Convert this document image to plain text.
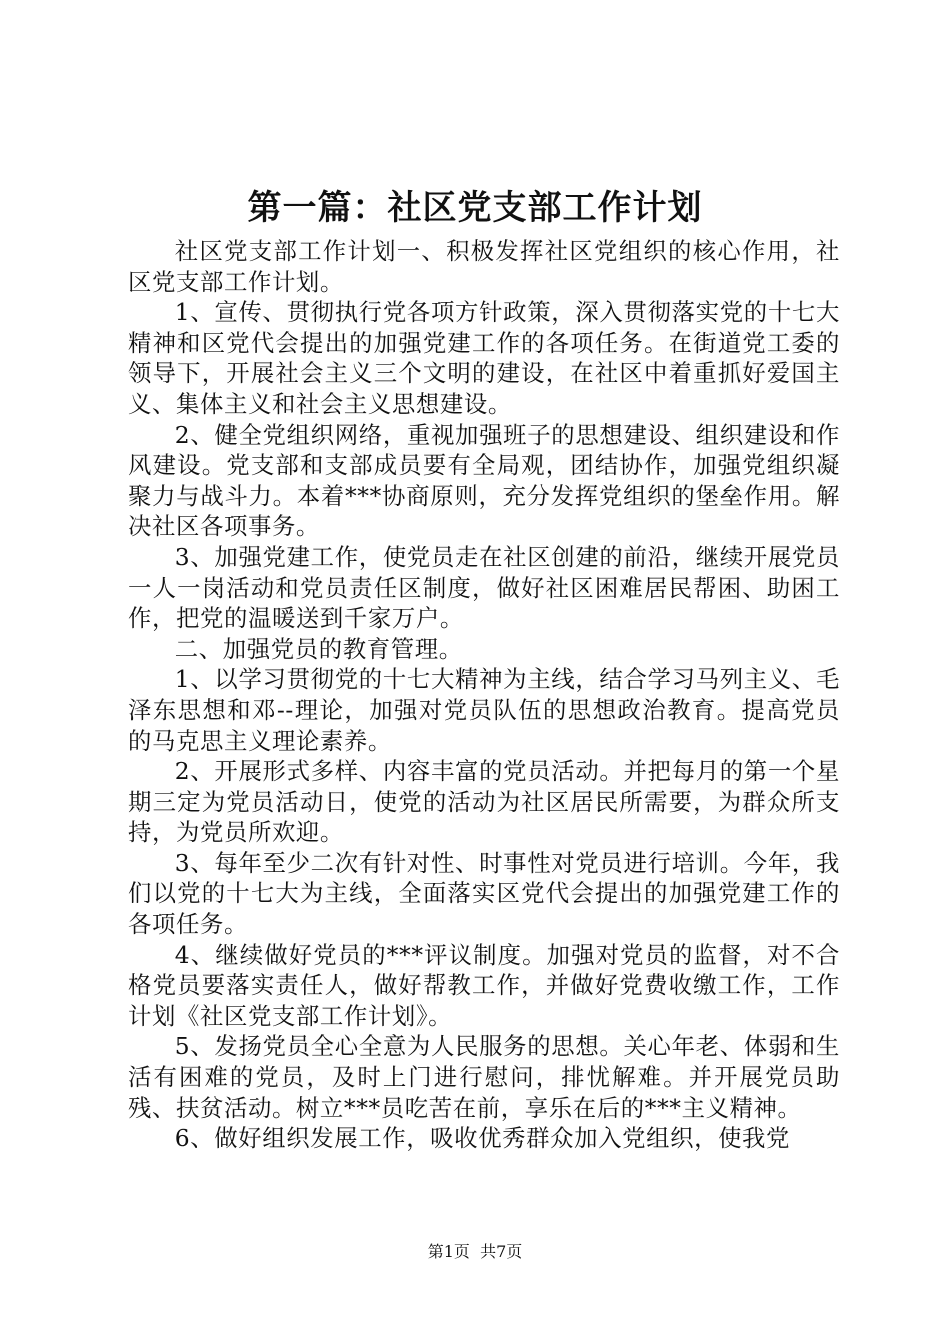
第一篇：社区党支部工作计划

社区党支部工作计划一、积极发挥社区党组织的核心作用，社区党支部工作计划。

1、宣传、贯彻执行党各项方针政策，深入贯彻落实党的十七大精神和区党代会提出的加强党建工作的各项任务。在街道党工委的领导下，开展社会主义三个文明的建设，在社区中着重抓好爱国主义、集体主义和社会主义思想建设。

2、健全党组织网络，重视加强班子的思想建设、组织建设和作风建设。党支部和支部成员要有全局观，团结协作，加强党组织凝聚力与战斗力。本着***协商原则，充分发挥党组织的堡垒作用。解决社区各项事务。

3、加强党建工作，使党员走在社区创建的前沿，继续开展党员一人一岗活动和党员责任区制度，做好社区困难居民帮困、助困工作，把党的温暖送到千家万户。

二、加强党员的教育管理。

1、以学习贯彻党的十七大精神为主线，结合学习马列主义、毛泽东思想和邓--理论，加强对党员队伍的思想政治教育。提高党员的马克思主义理论素养。

2、开展形式多样、内容丰富的党员活动。并把每月的第一个星期三定为党员活动日，使党的活动为社区居民所需要，为群众所支持，为党员所欢迎。

3、每年至少二次有针对性、时事性对党员进行培训。今年，我们以党的十七大为主线，全面落实区党代会提出的加强党建工作的各项任务。

4、继续做好党员的***评议制度。加强对党员的监督，对不合格党员要落实责任人，做好帮教工作，并做好党费收缴工作，工作计划《社区党支部工作计划》。

5、发扬党员全心全意为人民服务的思想。关心年老、体弱和生活有困难的党员，及时上门进行慰问，排忧解难。并开展党员助残、扶贫活动。树立***员吃苦在前，享乐在后的***主义精神。

6、做好组织发展工作，吸收优秀群众加入党组织，使我党

第1页 共7页
